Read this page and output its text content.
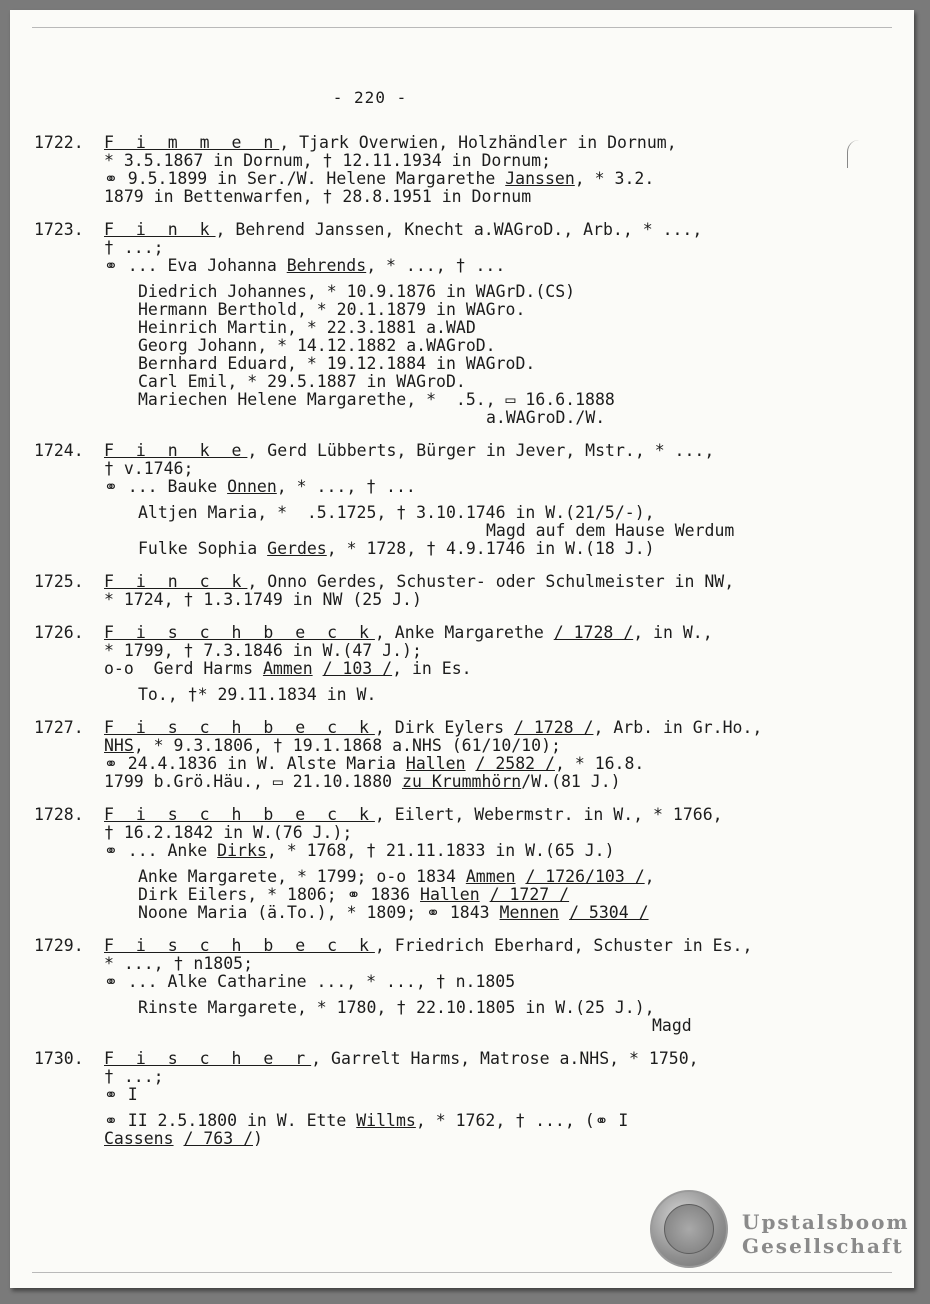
- 220 -
1722. F i m m e n, Tjark Overwien, Holzhändler in Dornum,
* 3.5.1867 in Dornum, † 12.11.1934 in Dornum;
⚭ 9.5.1899 in Ser./W. Helene Margarethe Janssen, * 3.2.
1879 in Bettenwarfen, † 28.8.1951 in Dornum
1723. F i n k, Behrend Janssen, Knecht a.WAGroD., Arb., * ...,
† ...;
⚭ ... Eva Johanna Behrends, * ..., † ...
Diedrich Johannes, * 10.9.1876 in WAGrD.(CS)
Hermann Berthold, * 20.1.1879 in WAGro.
Heinrich Martin, * 22.3.1881 a.WAD
Georg Johann, * 14.12.1882 a.WAGroD.
Bernhard Eduard, * 19.12.1884 in WAGroD.
Carl Emil, * 29.5.1887 in WAGroD.
Mariechen Helene Margarethe, *  .5., ▭ 16.6.1888
a.WAGroD./W.
1724. F i n k e, Gerd Lübberts, Bürger in Jever, Mstr., * ...,
† v.1746;
⚭ ... Bauke Onnen, * ..., † ...
Altjen Maria, *  .5.1725, † 3.10.1746 in W.(21/5/-),
Magd auf dem Hause Werdum
Fulke Sophia Gerdes, * 1728, † 4.9.1746 in W.(18 J.)
1725. F i n c k, Onno Gerdes, Schuster- oder Schulmeister in NW,
* 1724, † 1.3.1749 in NW (25 J.)
1726. F i s c h b e c k, Anke Margarethe / 1728 /, in W.,
* 1799, † 7.3.1846 in W.(47 J.);
o-o  Gerd Harms Ammen / 103 /, in Es.
To., †* 29.11.1834 in W.
1727. F i s c h b e c k, Dirk Eylers / 1728 /, Arb. in Gr.Ho.,
NHS, * 9.3.1806, † 19.1.1868 a.NHS (61/10/10);
⚭ 24.4.1836 in W. Alste Maria Hallen / 2582 /, * 16.8.
1799 b.Grö.Häu., ▭ 21.10.1880 zu Krummhörn/W.(81 J.)
1728. F i s c h b e c k, Eilert, Webermstr. in W., * 1766,
† 16.2.1842 in W.(76 J.);
⚭ ... Anke Dirks, * 1768, † 21.11.1833 in W.(65 J.)
Anke Margarete, * 1799; o-o 1834 Ammen / 1726/103 /,
Dirk Eilers, * 1806; ⚭ 1836 Hallen / 1727 /
Noone Maria (ä.To.), * 1809; ⚭ 1843 Mennen / 5304 /
1729. F i s c h b e c k, Friedrich Eberhard, Schuster in Es.,
* ..., † n1805;
⚭ ... Alke Catharine ..., * ..., † n.1805
Rinste Margarete, * 1780, † 22.10.1805 in W.(25 J.),
Magd
1730. F i s c h e r, Garrelt Harms, Matrose a.NHS, * 1750,
† ...;
⚭ I
⚭ II 2.5.1800 in W. Ette Willms, * 1762, † ..., (⚭ I
Cassens / 763 /)
Upstalsboom
Gesellschaft
